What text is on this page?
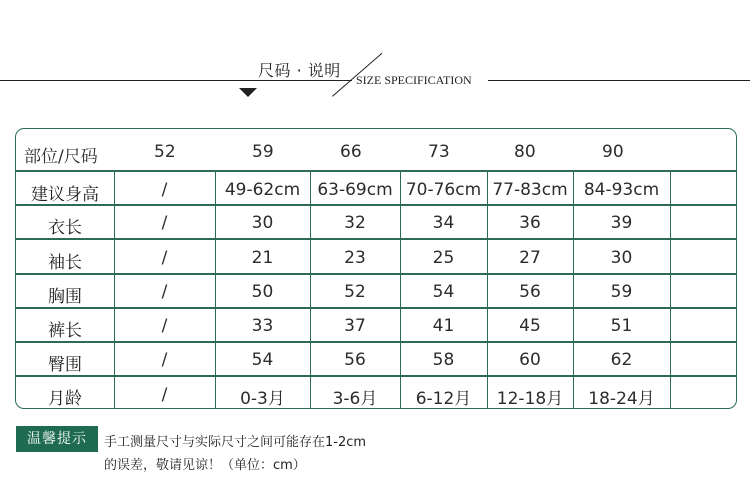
尺码 · 说明 SIZE SPECIFICATION
部位/尺码	52	59	66	73	80	90
建议身高	/	49-62cm	63-69cm 70-76cm 77-83cm 84-93cm
衣长	/	30	32	34	36	39
袖长	/	21	23	25	27	30
胸围	/	50	52	54	56	59
裤长	/	33	37	41	45	51
臀围	/	54	56	58	60	62
月龄	/	0-3月	3-6月	6-12月	12-18月	18-24月
温馨提示	手工测量尺寸与实际尺寸之间可能存在1-2cm
的误差，敬请见谅！（单位：cm）
